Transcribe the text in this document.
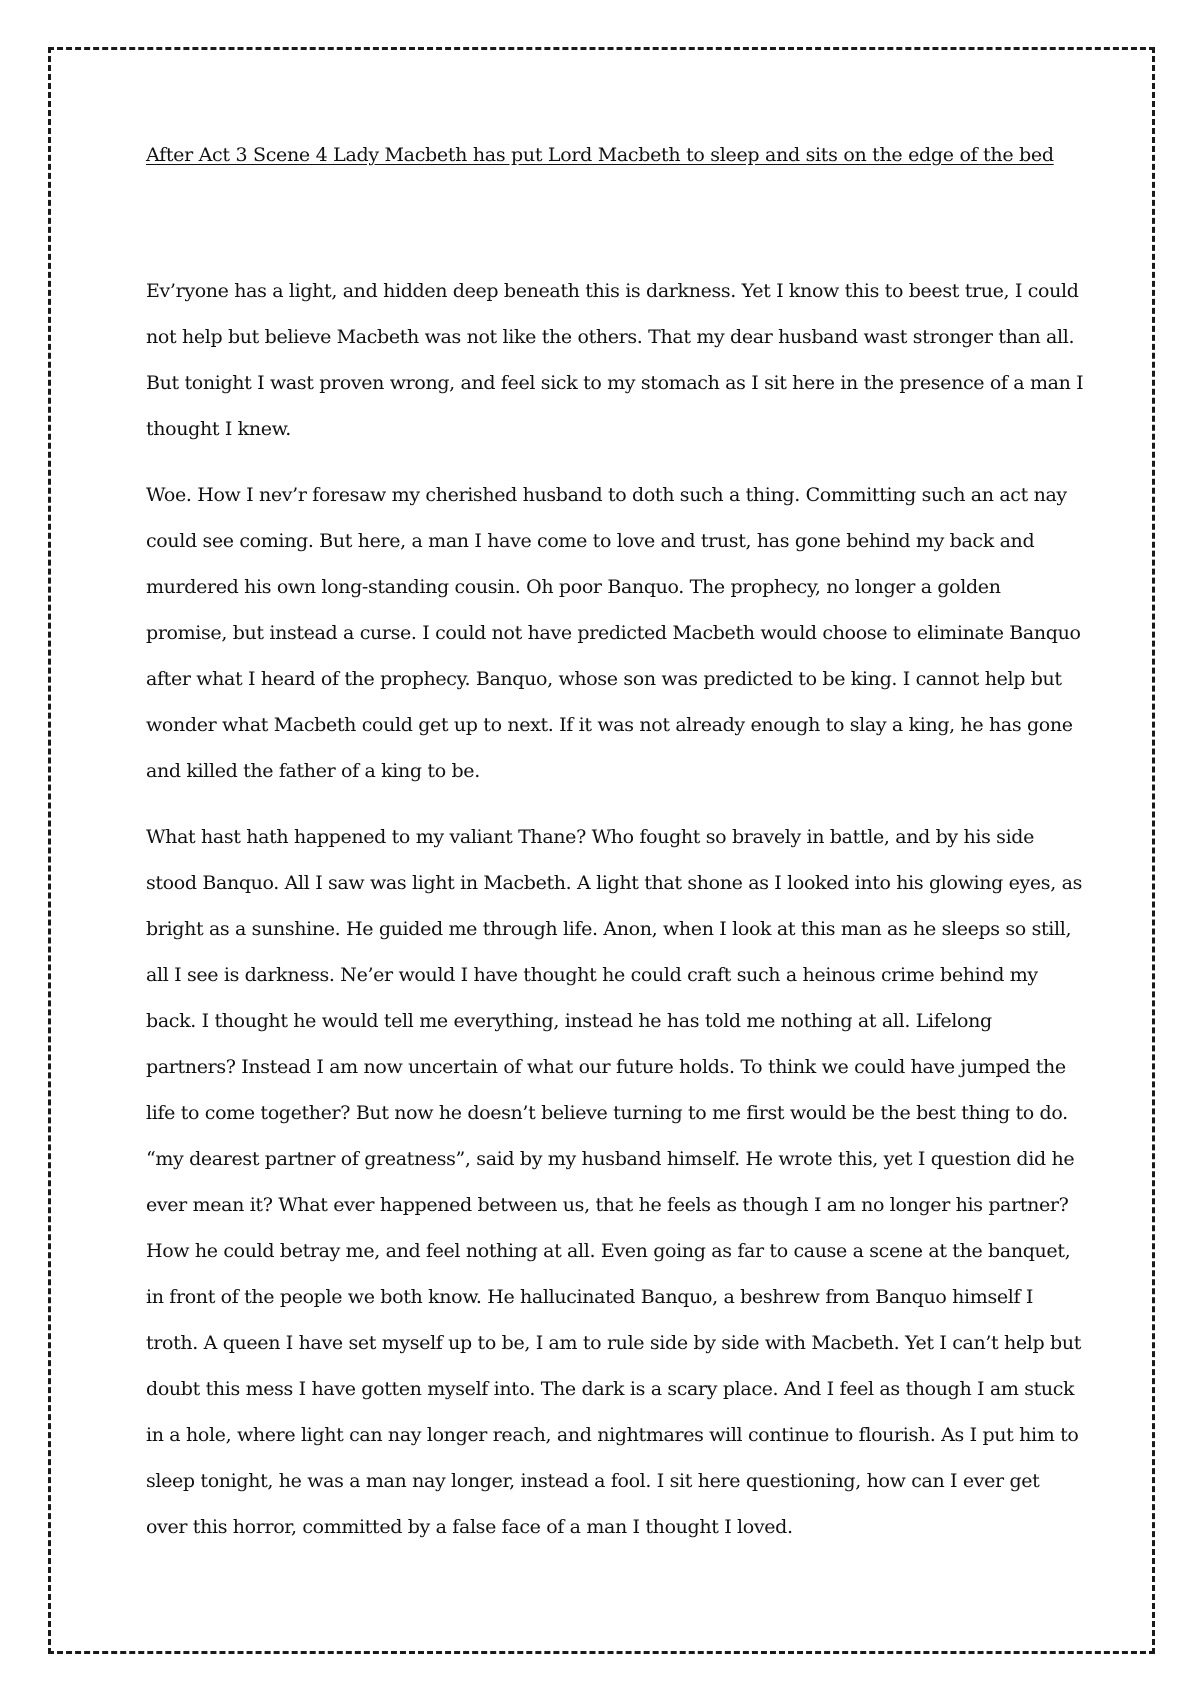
After Act 3 Scene 4 Lady Macbeth has put Lord Macbeth to sleep and sits on the edge of the bed

Ev’ryone has a light, and hidden deep beneath this is darkness. Yet I know this to beest true, I could not help but believe Macbeth was not like the others. That my dear husband wast stronger than all. But tonight I wast proven wrong, and feel sick to my stomach as I sit here in the presence of a man I thought I knew.

Woe. How I nev’r foresaw my cherished husband to doth such a thing. Committing such an act nay could see coming. But here, a man I have come to love and trust, has gone behind my back and murdered his own long-standing cousin. Oh poor Banquo. The prophecy, no longer a golden promise, but instead a curse. I could not have predicted Macbeth would choose to eliminate Banquo after what I heard of the prophecy. Banquo, whose son was predicted to be king. I cannot help but wonder what Macbeth could get up to next. If it was not already enough to slay a king, he has gone and killed the father of a king to be.

What hast hath happened to my valiant Thane? Who fought so bravely in battle, and by his side stood Banquo. All I saw was light in Macbeth. A light that shone as I looked into his glowing eyes, as bright as a sunshine. He guided me through life. Anon, when I look at this man as he sleeps so still, all I see is darkness. Ne’er would I have thought he could craft such a heinous crime behind my back. I thought he would tell me everything, instead he has told me nothing at all. Lifelong partners? Instead I am now uncertain of what our future holds. To think we could have jumped the life to come together? But now he doesn’t believe turning to me first would be the best thing to do. “my dearest partner of greatness”, said by my husband himself. He wrote this, yet I question did he ever mean it? What ever happened between us, that he feels as though I am no longer his partner? How he could betray me, and feel nothing at all. Even going as far to cause a scene at the banquet, in front of the people we both know. He hallucinated Banquo, a beshrew from Banquo himself I troth. A queen I have set myself up to be, I am to rule side by side with Macbeth. Yet I can’t help but doubt this mess I have gotten myself into. The dark is a scary place. And I feel as though I am stuck in a hole, where light can nay longer reach, and nightmares will continue to flourish. As I put him to sleep tonight, he was a man nay longer, instead a fool. I sit here questioning, how can I ever get over this horror, committed by a false face of a man I thought I loved.
